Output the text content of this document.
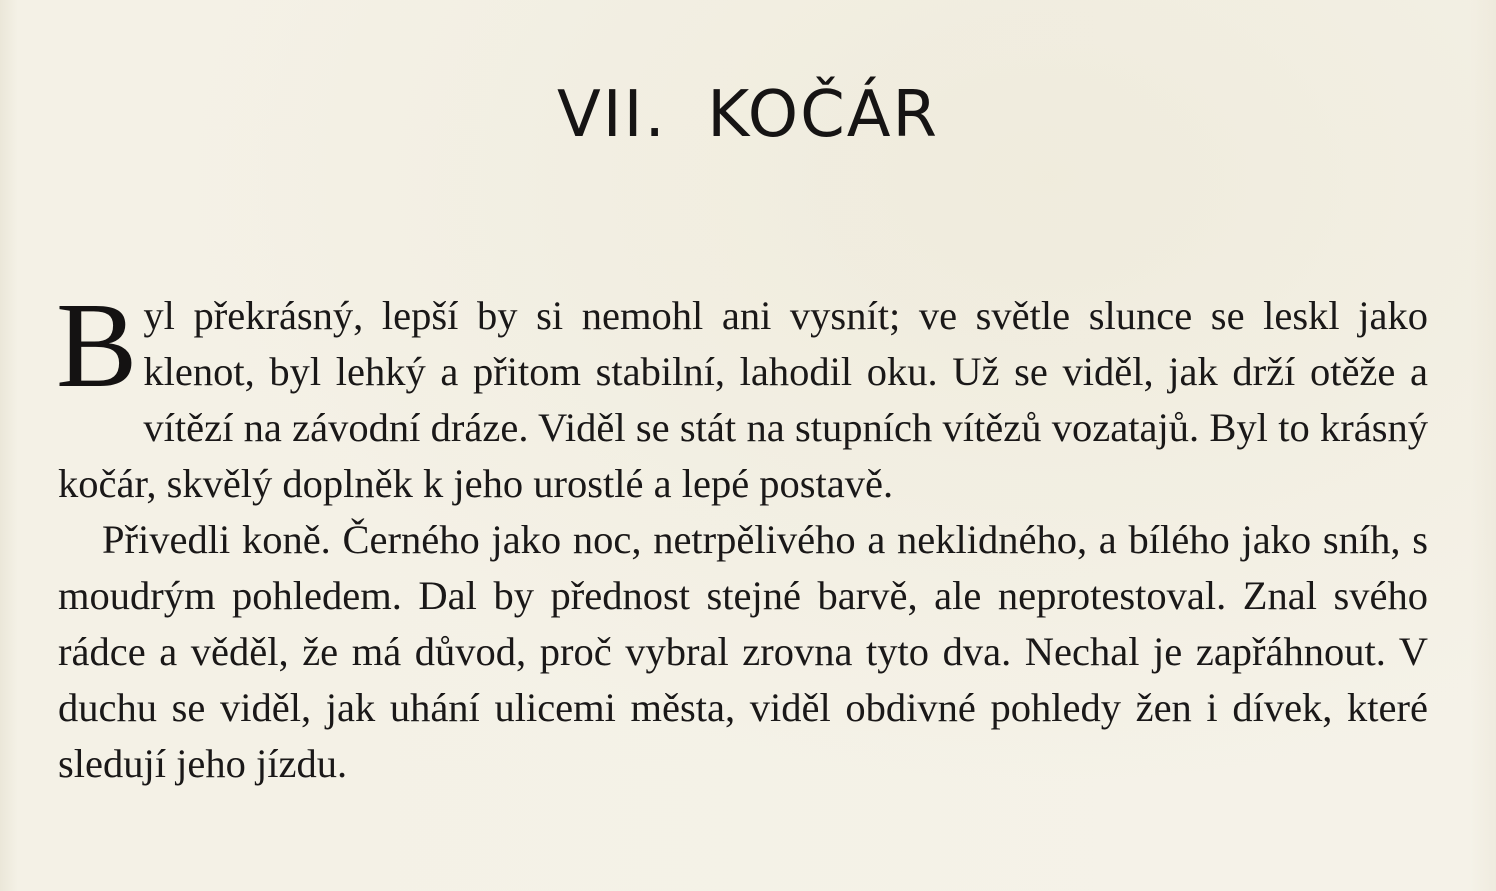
VII. KOČÁR

Byl překrásný, lepší by si nemohl ani vysnít; ve světle slunce se leskl jako klenot, byl lehký a přitom stabilní, lahodil oku. Už se viděl, jak drží otěže a vítězí na závodní dráze. Viděl se stát na stupních vítězů vozatajů. Byl to krásný kočár, skvělý doplněk k jeho urostlé a lepé postavě.

Přivedli koně. Černého jako noc, netrpělivého a neklidného, a bílého jako sníh, s moudrým pohledem. Dal by přednost stejné barvě, ale neprotestoval. Znal svého rádce a věděl, že má důvod, proč vybral zrovna tyto dva. Nechal je zapřáhnout. V duchu se viděl, jak uhání ulicemi města, viděl obdivné pohledy žen i dívek, které sledují jeho jízdu.
